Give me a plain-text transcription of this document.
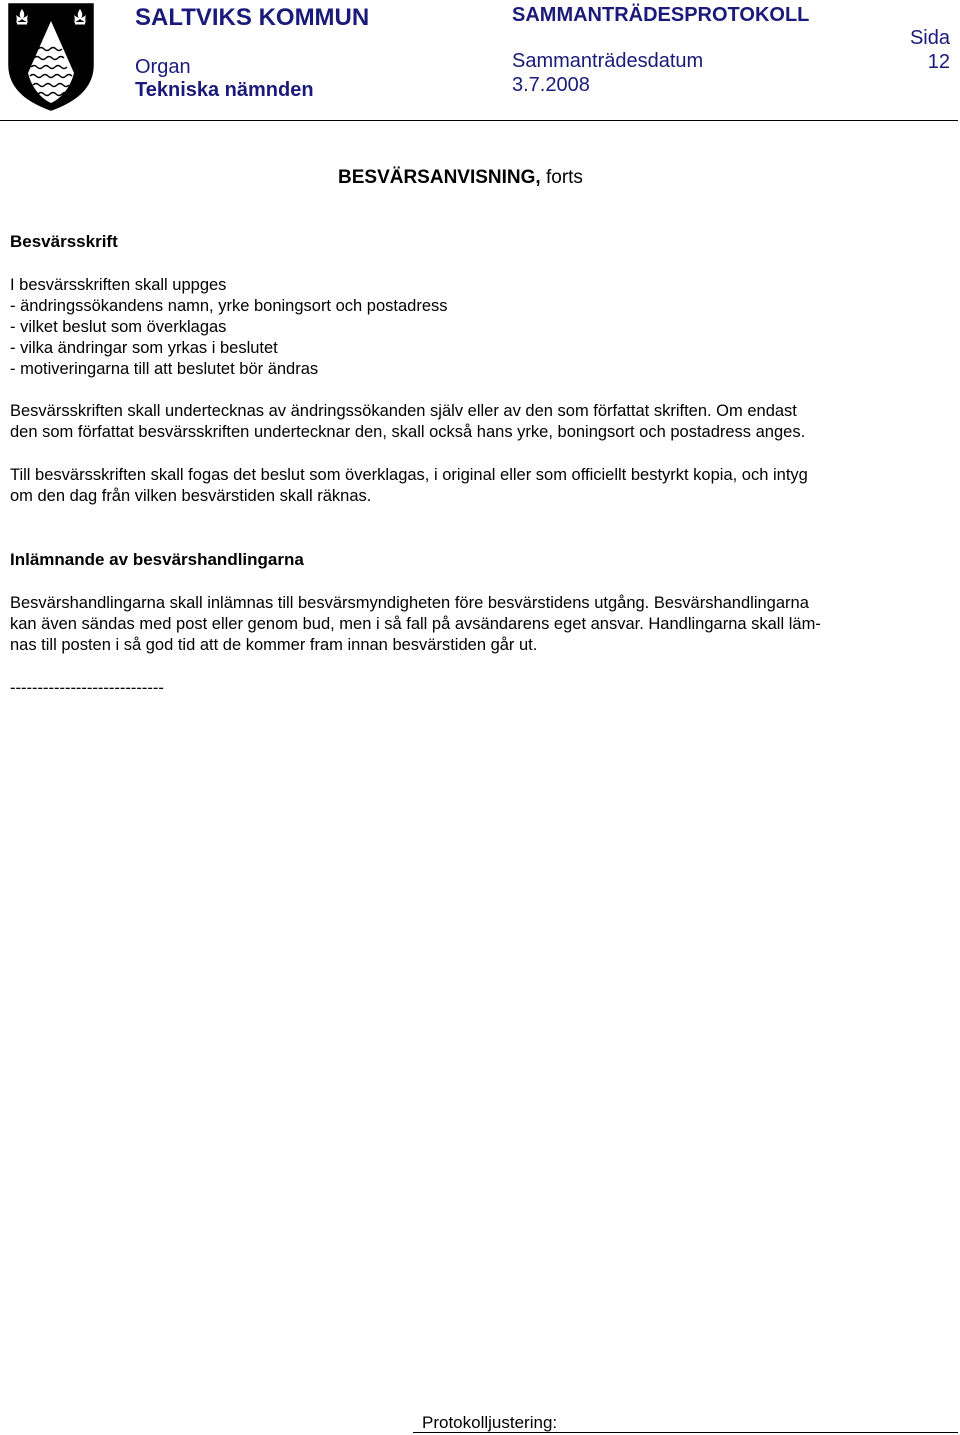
SALTVIKS KOMMUN	SAMMANTRÄDESPROTOKOLL
Organ
Tekniska nämnden
Sammanträdesdatum
3.7.2008
Sida
12
BESVÄRSANVISNING, forts
Besvärsskrift
I besvärsskriften skall uppges
- ändringssökandens namn, yrke boningsort och postadress
- vilket beslut som överklagas
- vilka ändringar som yrkas i beslutet
- motiveringarna till att beslutet bör ändras
Besvärsskriften skall undertecknas av ändringssökanden själv eller av den som författat skriften. Om endast
den som författat besvärsskriften undertecknar den, skall också hans yrke, boningsort och postadress anges.
Till besvärsskriften skall fogas det beslut som överklagas, i original eller som officiellt bestyrkt kopia, och intyg
om den dag från vilken besvärstiden skall räknas.
Inlämnande av besvärshandlingarna
Besvärshandlingarna skall inlämnas till besvärsmyndigheten före besvärstidens utgång. Besvärshandlingarna
kan även sändas med post eller genom bud, men i så fall på avsändarens eget ansvar. Handlingarna skall läm-
nas till posten i så god tid att de kommer fram innan besvärstiden går ut.
----------------------------
Protokolljustering:
